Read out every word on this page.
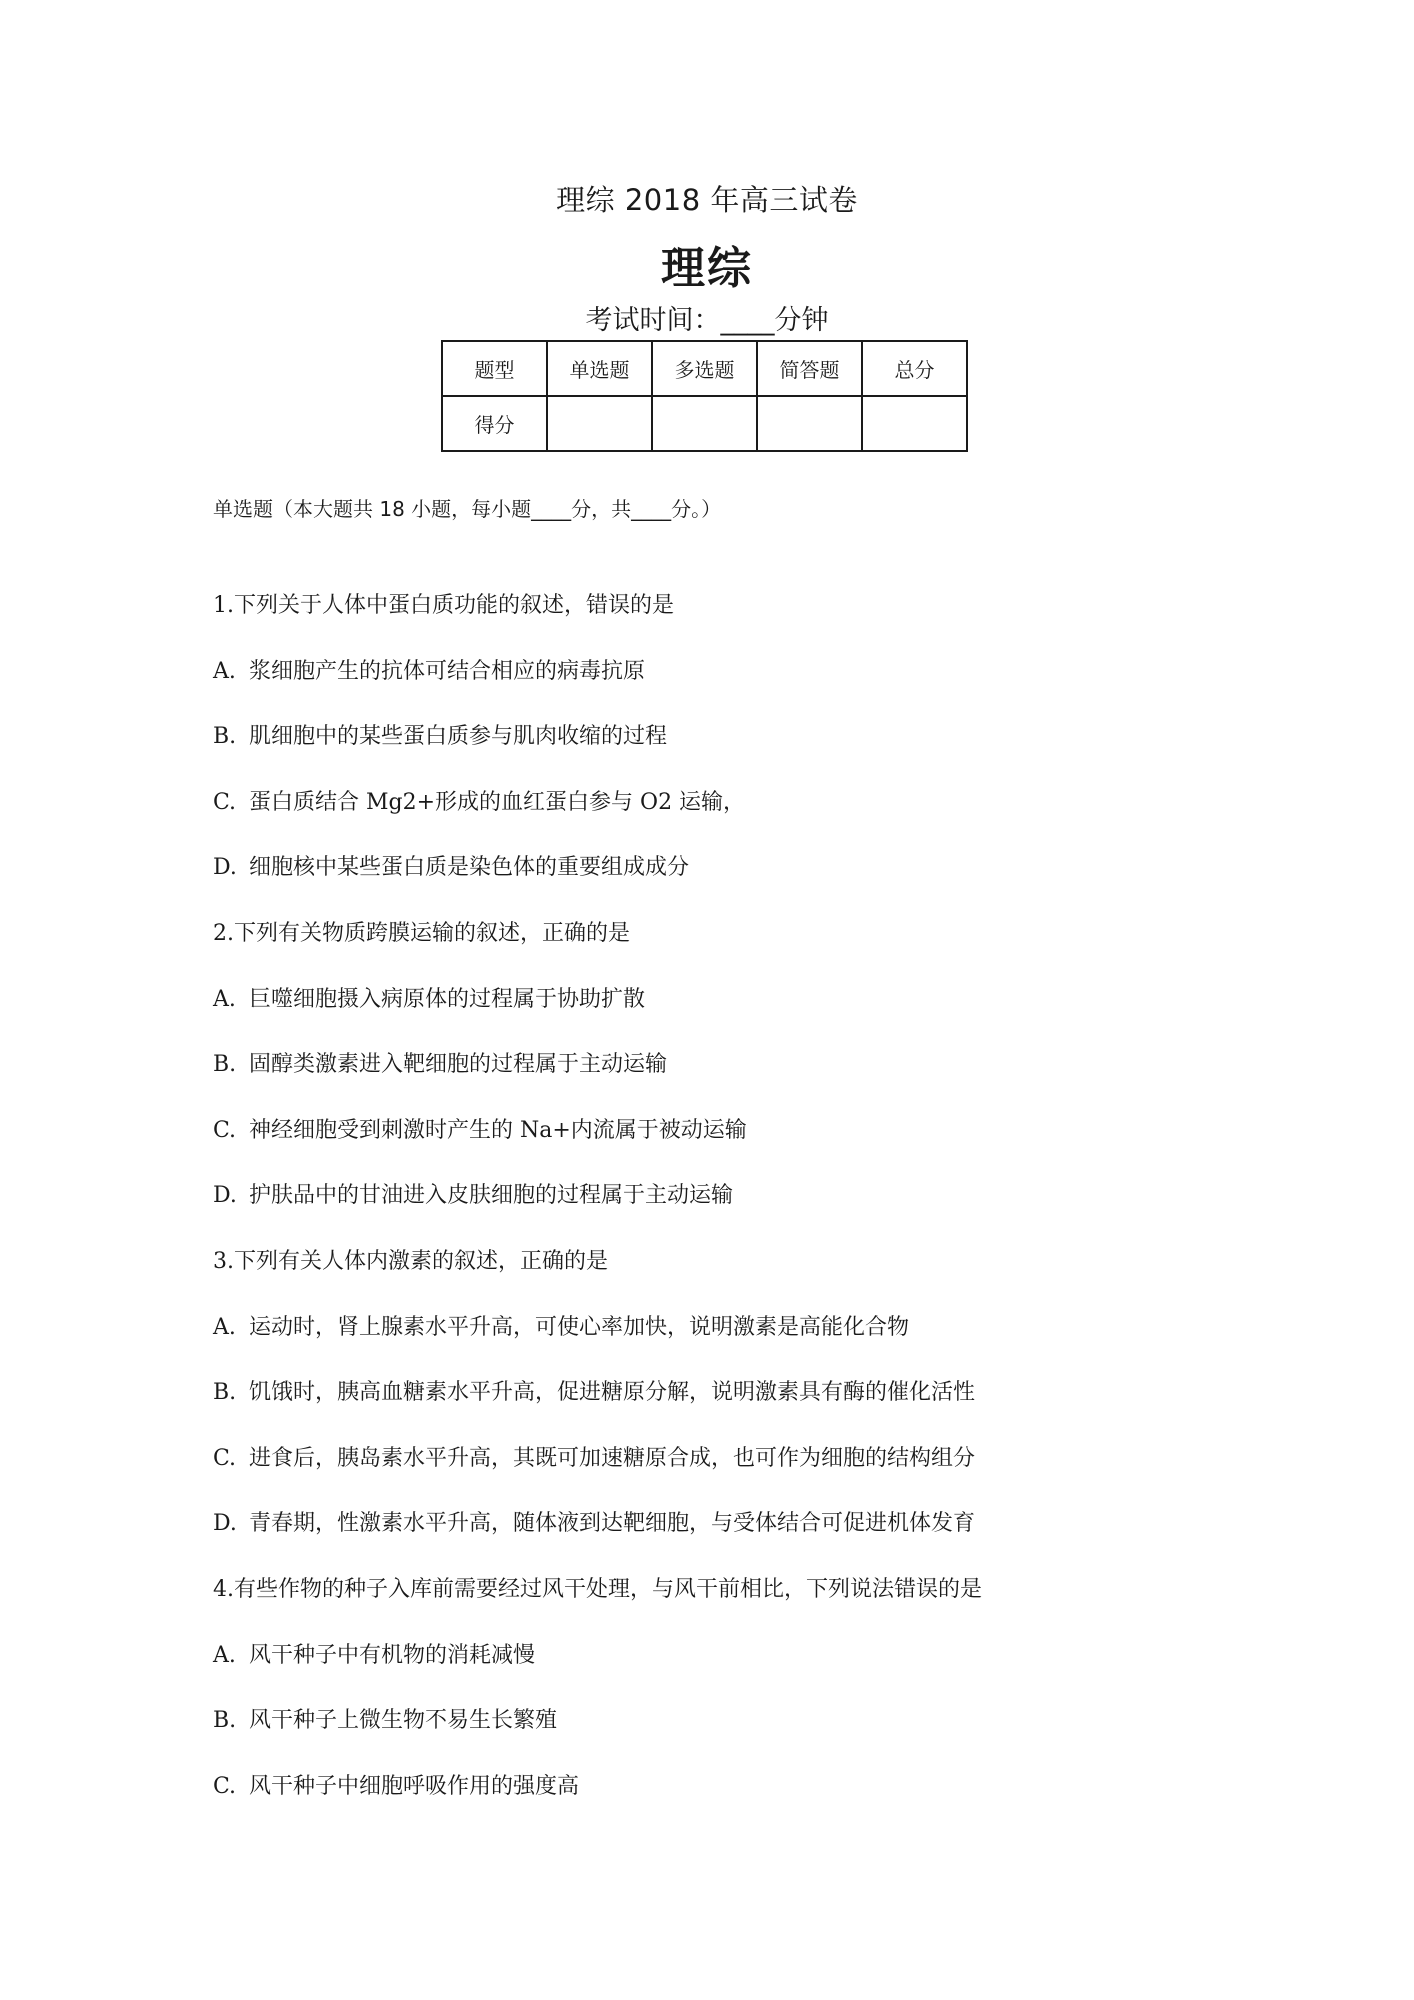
理综 2018 年高三试卷
理综
考试时间：____分钟
题型	单选题	多选题	简答题	总分
得分				
单选题（本大题共 18 小题，每小题____分，共____分。）
1.下列关于人体中蛋白质功能的叙述，错误的是
A. 浆细胞产生的抗体可结合相应的病毒抗原
B. 肌细胞中的某些蛋白质参与肌肉收缩的过程
C. 蛋白质结合 Mg2+形成的血红蛋白参与 O2 运输，
D. 细胞核中某些蛋白质是染色体的重要组成成分
2.下列有关物质跨膜运输的叙述，正确的是
A. 巨噬细胞摄入病原体的过程属于协助扩散
B. 固醇类激素进入靶细胞的过程属于主动运输
C. 神经细胞受到刺激时产生的 Na+内流属于被动运输
D. 护肤品中的甘油进入皮肤细胞的过程属于主动运输
3.下列有关人体内激素的叙述，正确的是
A. 运动时，肾上腺素水平升高，可使心率加快，说明激素是高能化合物
B. 饥饿时，胰高血糖素水平升高，促进糖原分解，说明激素具有酶的催化活性
C. 进食后，胰岛素水平升高，其既可加速糖原合成，也可作为细胞的结构组分
D. 青春期，性激素水平升高，随体液到达靶细胞，与受体结合可促进机体发育
4.有些作物的种子入库前需要经过风干处理，与风干前相比，下列说法错误的是
A. 风干种子中有机物的消耗减慢
B. 风干种子上微生物不易生长繁殖
C. 风干种子中细胞呼吸作用的强度高
